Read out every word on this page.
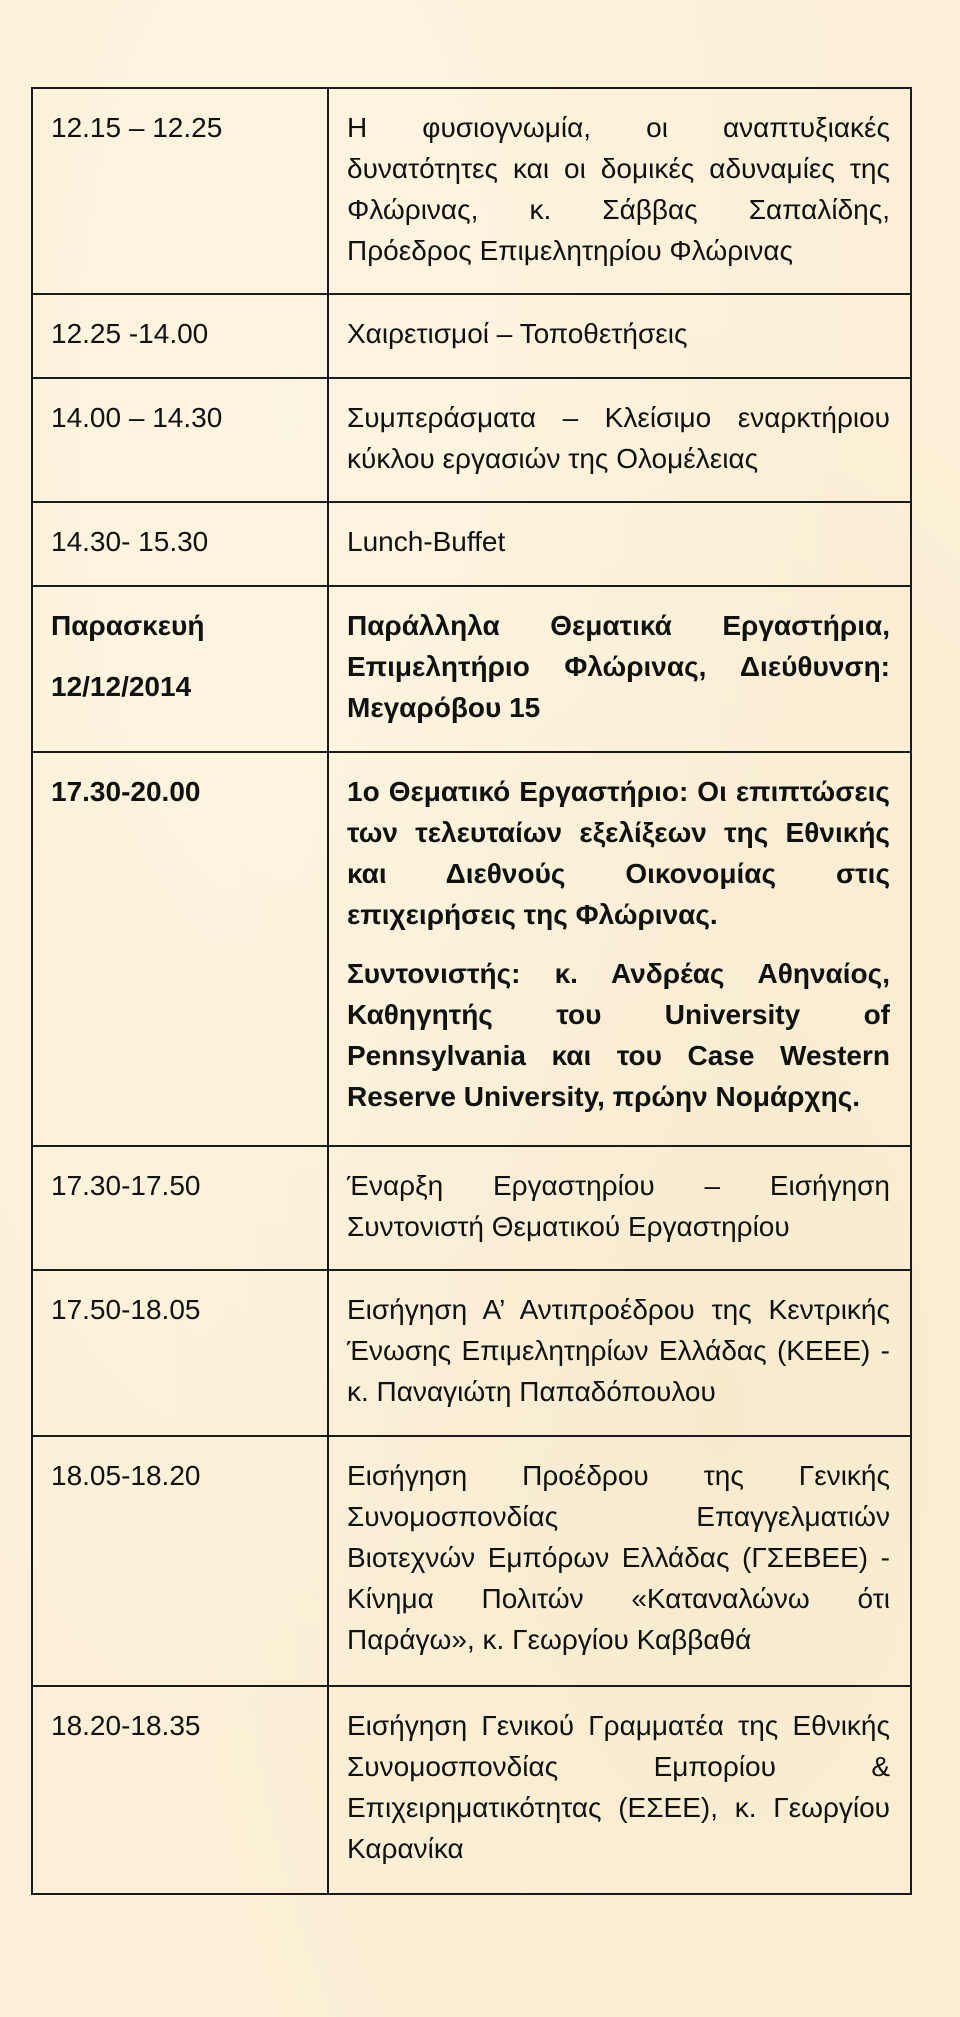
12.15 – 12.25	Η φυσιογνωμία, οι αναπτυξιακές δυνατότητες και οι δομικές αδυναμίες της Φλώρινας, κ. Σάββας Σαπαλίδης, Πρόεδρος Επιμελητηρίου Φλώρινας
12.25 -14.00	Χαιρετισμοί – Τοποθετήσεις
14.00 – 14.30	Συμπεράσματα – Κλείσιμο εναρκτήριου κύκλου εργασιών της Ολομέλειας
14.30- 15.30	Lunch-Buffet

Παρασκευή
12/12/2014	Παράλληλα Θεματικά Εργαστήρια, Επιμελητήριο Φλώρινας, Διεύθυνση: Μεγαρόβου 15
17.30-20.00	1ο Θεματικό Εργαστήριο: Οι επιπτώσεις των τελευταίων εξελίξεων της Εθνικής και Διεθνούς Οικονομίας στις επιχειρήσεις της Φλώρινας.
Συντονιστής: κ. Ανδρέας Αθηναίος, Καθηγητής του University of Pennsylvania και του Case Western Reserve University, πρώην Νομάρχης.

17.30-17.50	Έναρξη Εργαστηρίου – Εισήγηση Συντονιστή Θεματικού Εργαστηρίου
17.50-18.05	Εισήγηση Α’ Αντιπροέδρου της Κεντρικής Ένωσης Επιμελητηρίων Ελλάδας (ΚΕΕΕ) - κ. Παναγιώτη Παπαδόπουλου
18.05-18.20	Εισήγηση Προέδρου της Γενικής Συνομοσπονδίας Επαγγελματιών Βιοτεχνών Εμπόρων Ελλάδας (ΓΣΕΒΕΕ) - Κίνημα Πολιτών «Καταναλώνω ότι Παράγω», κ. Γεωργίου Καββαθά
18.20-18.35	Εισήγηση Γενικού Γραμματέα της Εθνικής Συνομοσπονδίας Εμπορίου & Επιχειρηματικότητας (ΕΣΕΕ), κ. Γεωργίου Καρανίκα
